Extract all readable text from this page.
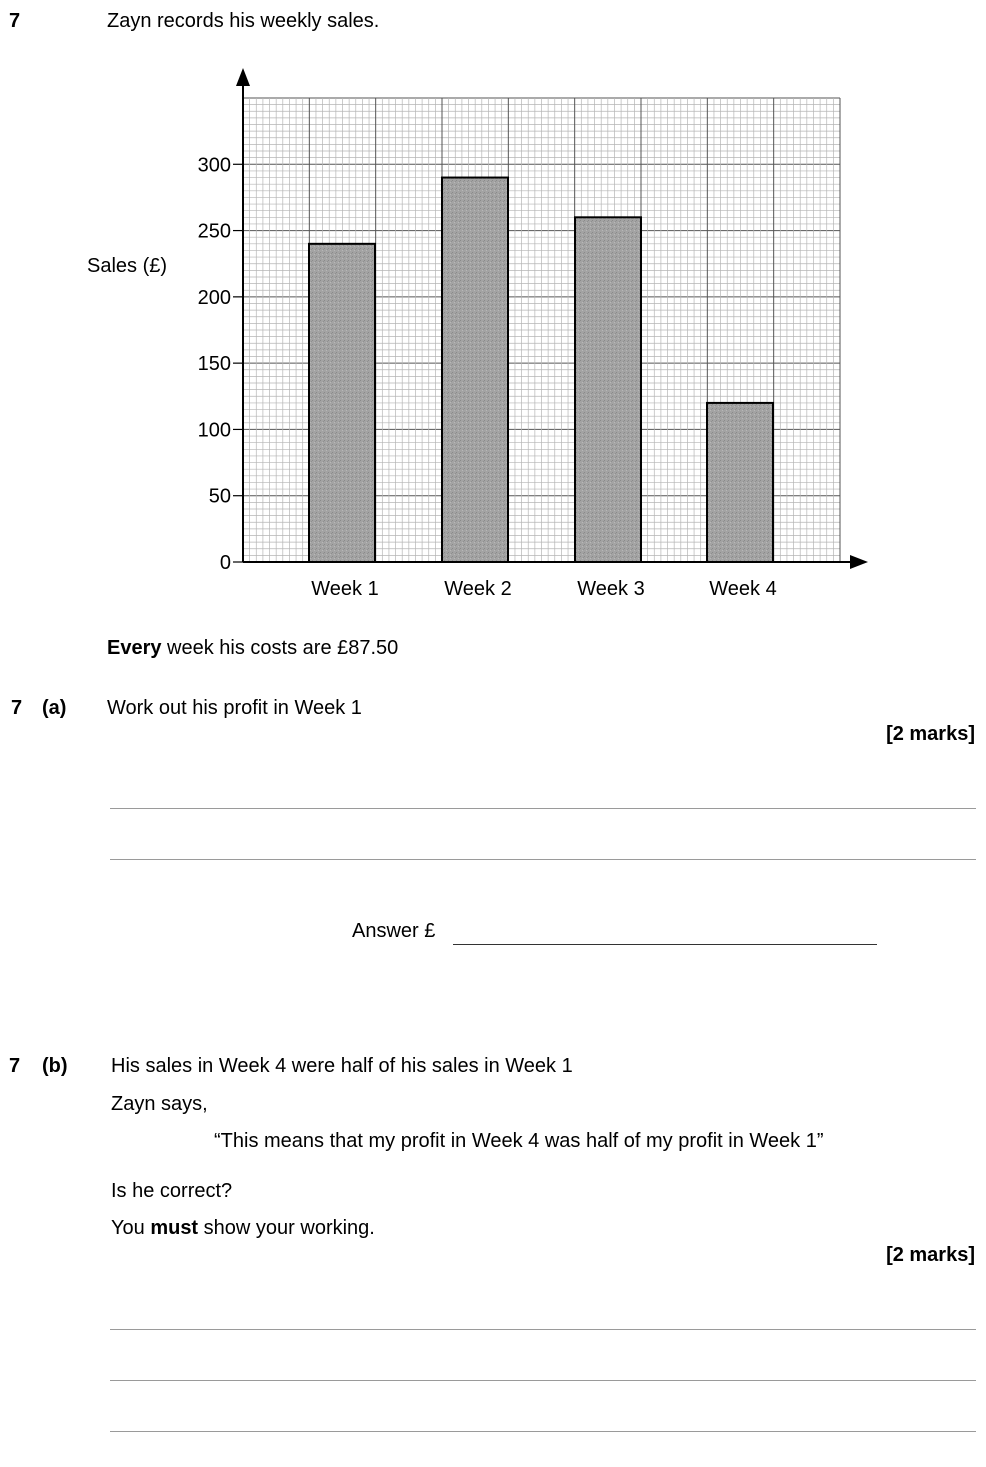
7	Zayn records his weekly sales.
0
50
100
150
200
250
300
Sales (£)
Week 1	Week 2	Week 3	Week 4
Every week his costs are £87.50
7 (a) Work out his profit in Week 1
[2 marks]
Answer £
7 (b) His sales in Week 4 were half of his sales in Week 1
Zayn says,
“This means that my profit in Week 4 was half of my profit in Week 1”
Is he correct?
You must show your working.
[2 marks]
